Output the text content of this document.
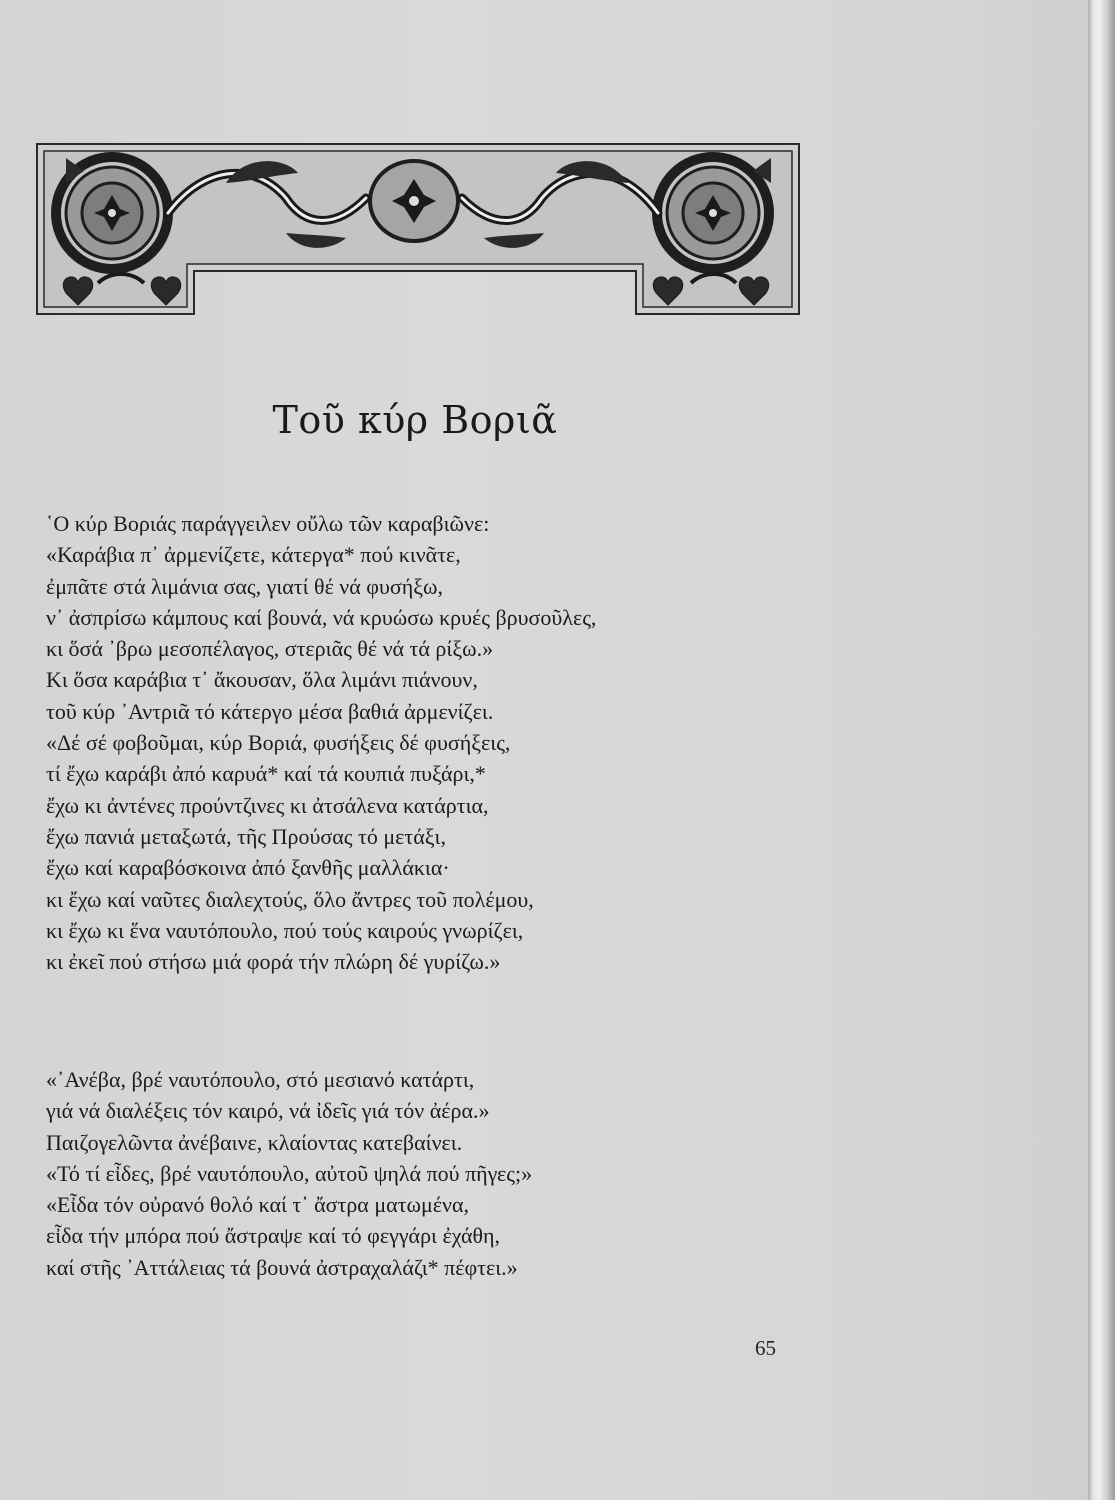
Τοῦ κύρ Βοριᾶ
῾Ο κύρ Βοριάς παράγγειλεν οὔλω τῶν καραβιῶνε:
«Καράβια π᾽ ἀρμενίζετε, κάτεργα* πού κινᾶτε,
ἐμπᾶτε στά λιμάνια σας, γιατί θέ νά φυσήξω,
ν᾽ ἀσπρίσω κάμπους καί βουνά, νά κρυώσω κρυές βρυσοῦλες,
κι ὅσά ᾽βρω μεσοπέλαγος, στεριᾶς θέ νά τά ρίξω.»
Κι ὅσα καράβια τ᾽ ἄκουσαν, ὅλα λιμάνι πιάνουν,
τοῦ κύρ ᾽Αντριᾶ τό κάτεργο μέσα βαθιά ἀρμενίζει.
«Δέ σέ φοβοῦμαι, κύρ Βοριά, φυσήξεις δέ φυσήξεις,
τί ἔχω καράβι ἀπό καρυά* καί τά κουπιά πυξάρι,*
ἔχω κι ἀντένες προύντζινες κι ἀτσάλενα κατάρτια,
ἔχω πανιά μεταξωτά, τῆς Προύσας τό μετάξι,
ἔχω καί καραβόσκοινα ἀπό ξανθῆς μαλλάκια·
κι ἔχω καί ναῦτες διαλεχτούς, ὅλο ἄντρες τοῦ πολέμου,
κι ἔχω κι ἕνα ναυτόπουλο, πού τούς καιρούς γνωρίζει,
κι ἐκεῖ πού στήσω μιά φορά τήν πλώρη δέ γυρίζω.»
«᾽Ανέβα, βρέ ναυτόπουλο, στό μεσιανό κατάρτι,
γιά νά διαλέξεις τόν καιρό, νά ἰδεῖς γιά τόν ἀέρα.»
Παιζογελῶντα ἀνέβαινε, κλαίοντας κατεβαίνει.
«Τό τί εἶδες, βρέ ναυτόπουλο, αὐτοῦ ψηλά πού πῆγες;»
«Εἶδα τόν οὐρανό θολό καί τ᾽ ἄστρα ματωμένα,
εἶδα τήν μπόρα πού ἄστραψε καί τό φεγγάρι ἐχάθη,
καί στῆς ᾽Αττάλειας τά βουνά ἀστραχαλάζι* πέφτει.»
65
